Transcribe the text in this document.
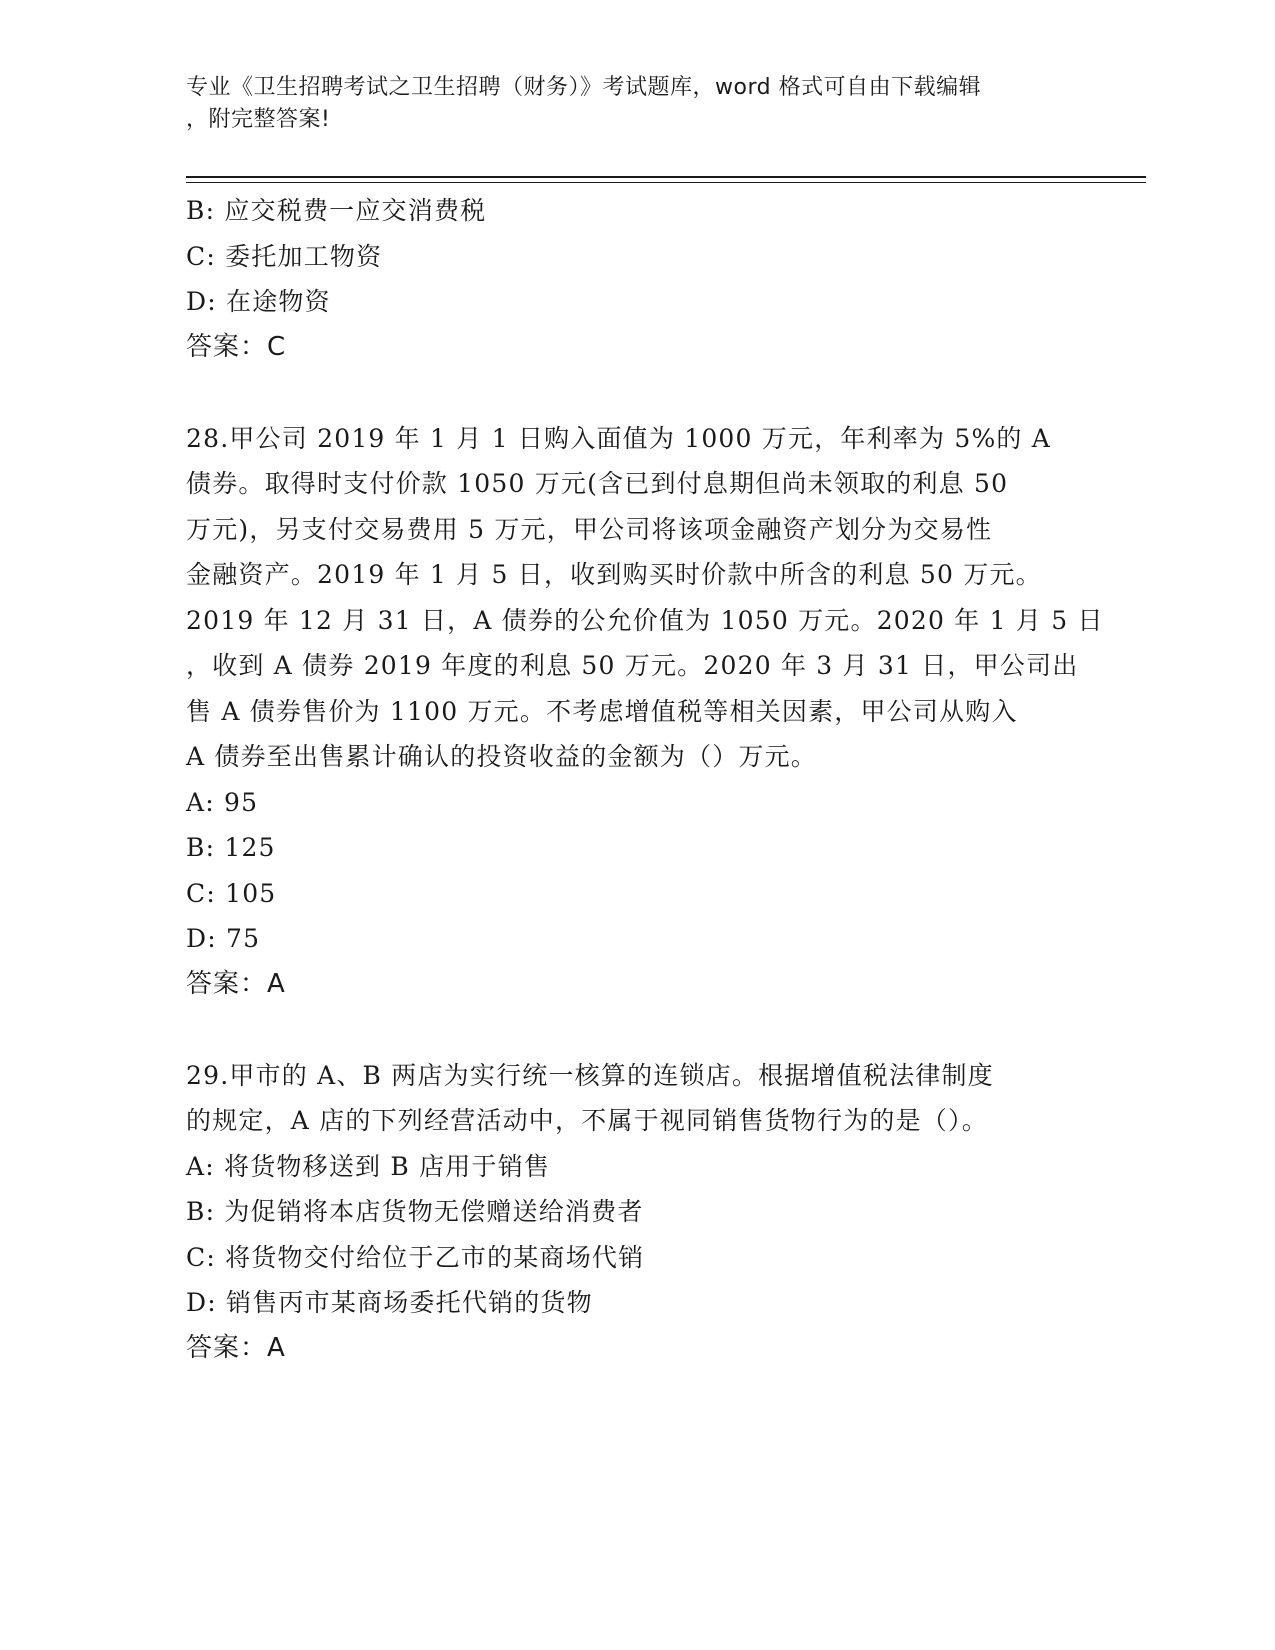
专业《卫生招聘考试之卫生招聘（财务）》考试题库，word 格式可自由下载编辑
，附完整答案!
B: 应交税费一应交消费税
C: 委托加工物资
D: 在途物资
答案：C
28.甲公司 2019 年 1 月 1 日购入面值为 1000 万元，年利率为 5%的 A
债券。取得时支付价款 1050 万元(含已到付息期但尚未领取的利息 50
万元)，另支付交易费用 5 万元，甲公司将该项金融资产划分为交易性
金融资产。2019 年 1 月 5 日，收到购买时价款中所含的利息 50 万元。
2019 年 12 月 31 日，A 债券的公允价值为 1050 万元。2020 年 1 月 5 日
，收到 A 债券 2019 年度的利息 50 万元。2020 年 3 月 31 日，甲公司出
售 A 债券售价为 1100 万元。不考虑增值税等相关因素，甲公司从购入
A 债券至出售累计确认的投资收益的金额为（）万元。
A: 95
B: 125
C: 105
D: 75
答案：A
29.甲市的 A、B 两店为实行统一核算的连锁店。根据增值税法律制度
的规定，A 店的下列经营活动中，不属于视同销售货物行为的是（）。
A: 将货物移送到 B 店用于销售
B: 为促销将本店货物无偿赠送给消费者
C: 将货物交付给位于乙市的某商场代销
D: 销售丙市某商场委托代销的货物
答案：A
